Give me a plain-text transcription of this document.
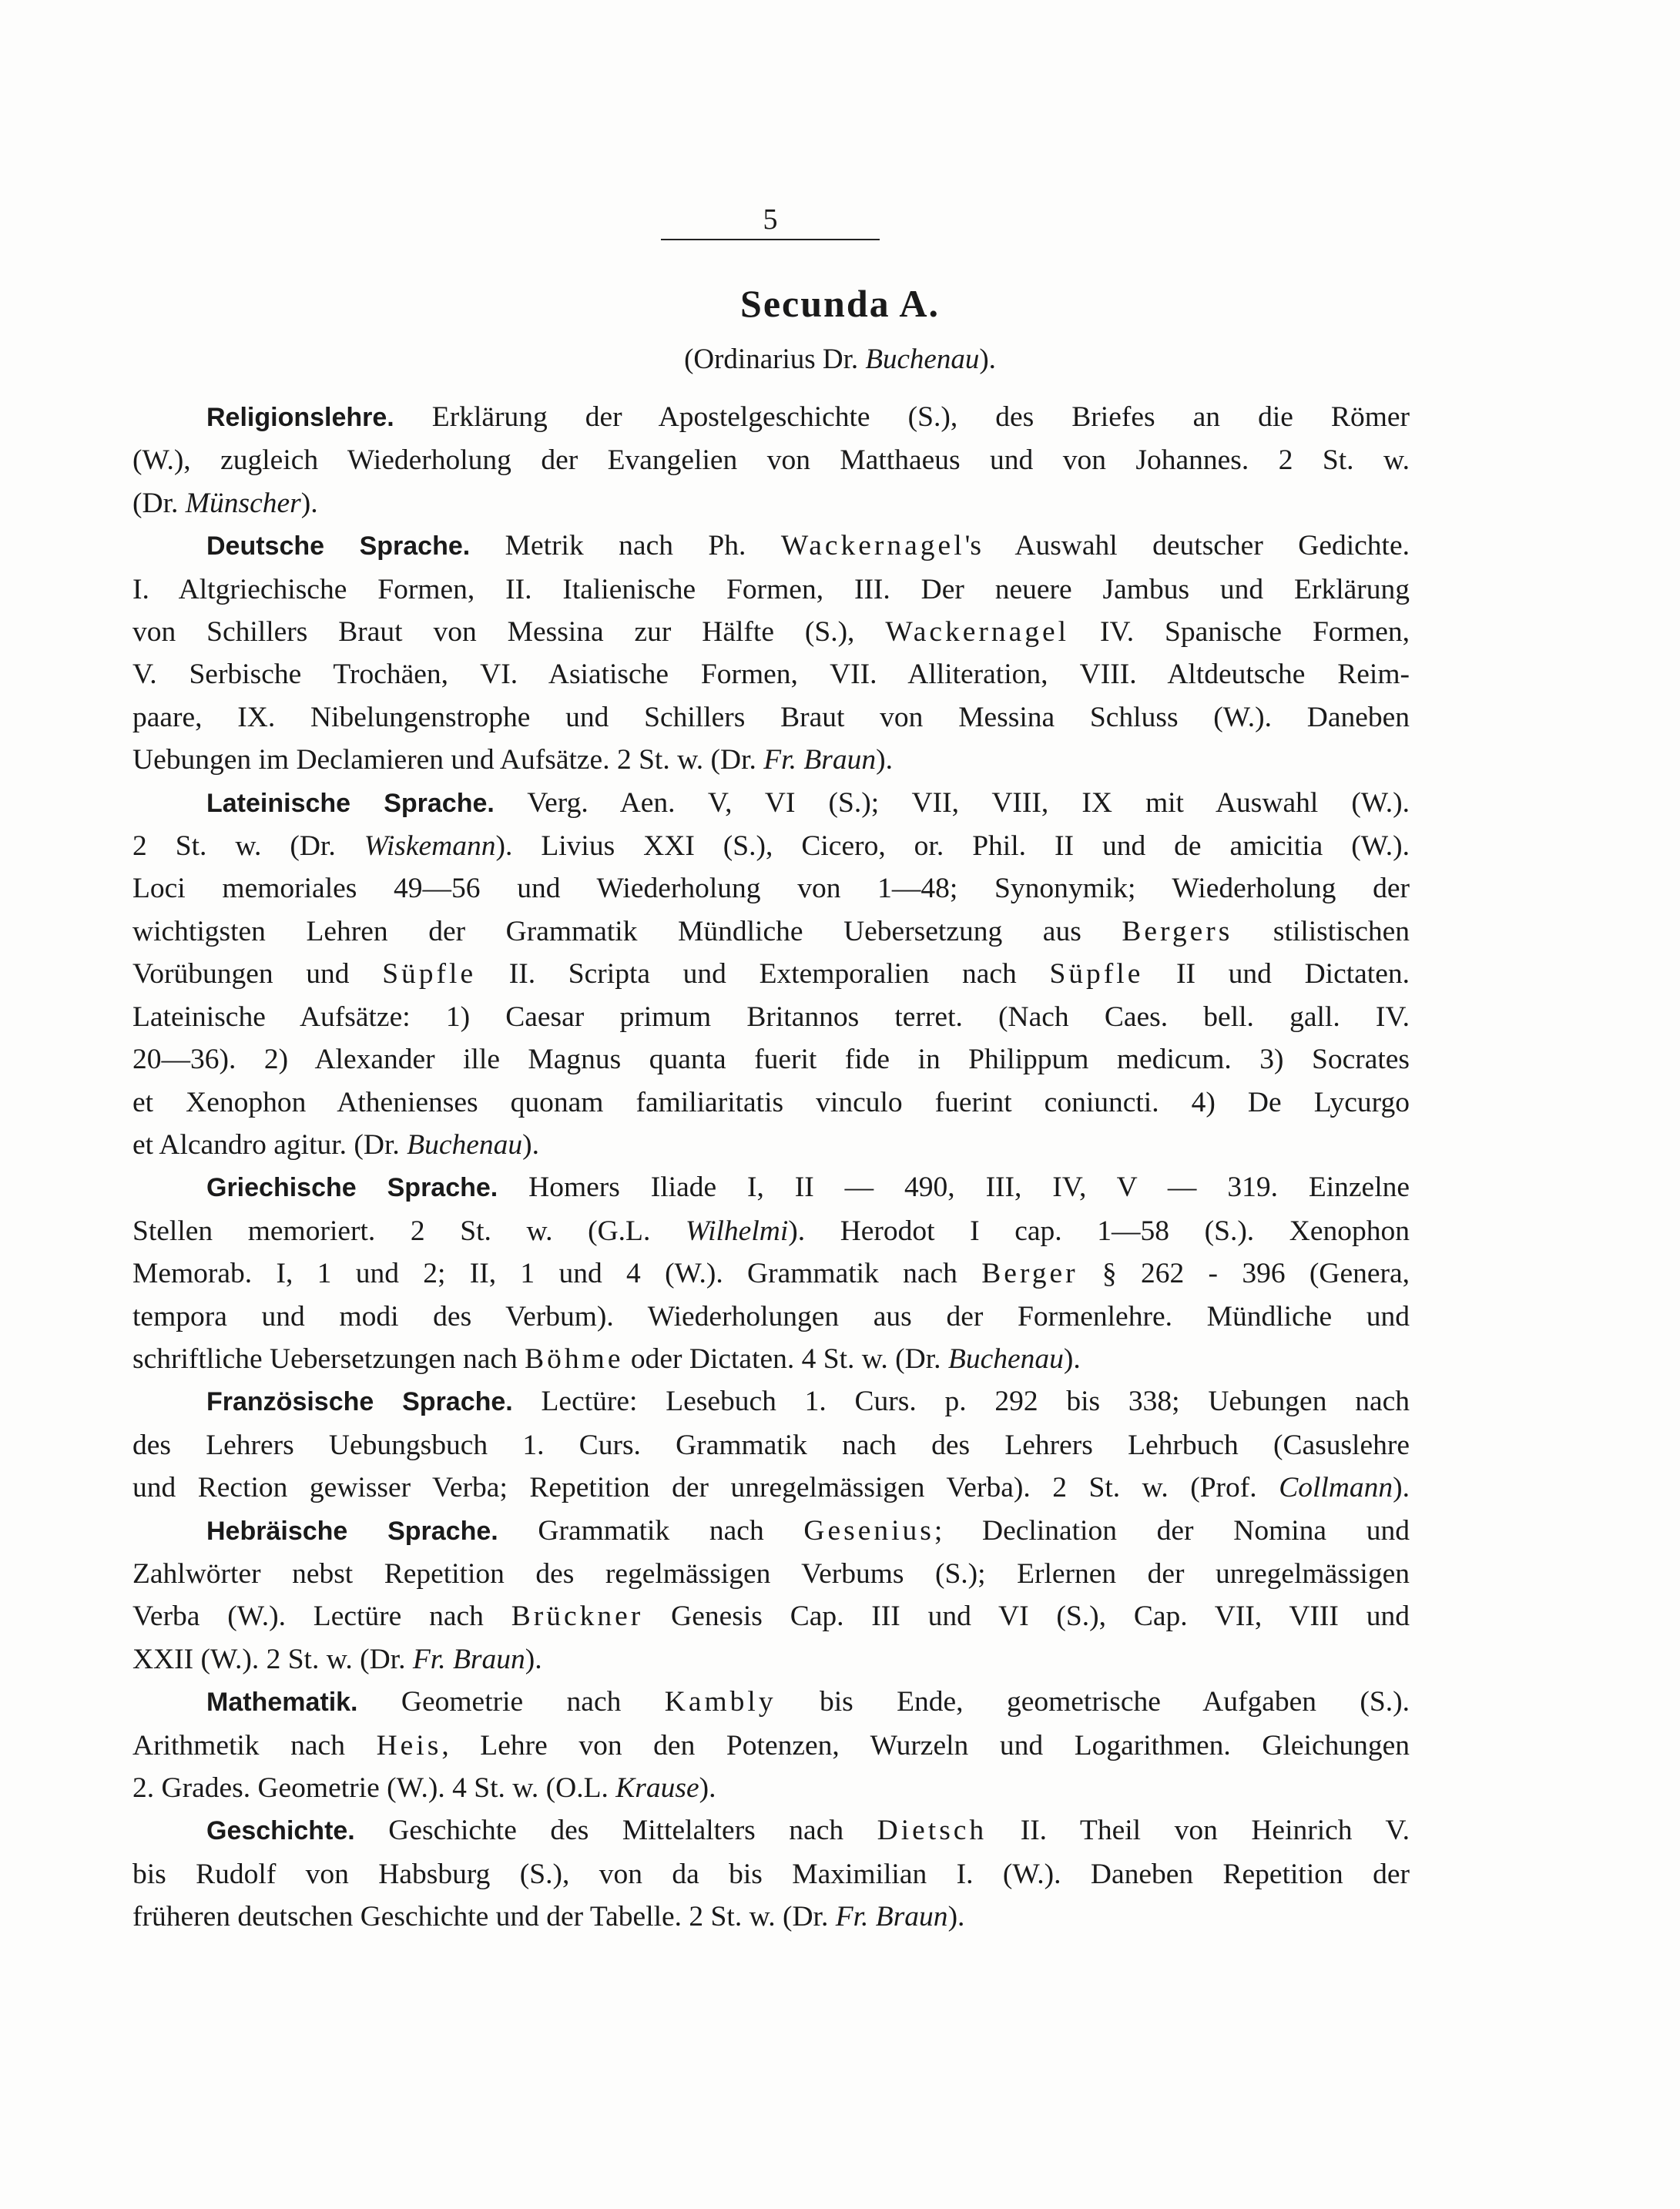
5
Secunda A.
(Ordinarius Dr. Buchenau).

Religionslehre. Erklärung der Apostelgeschichte (S.), des Briefes an die Römer
(W.), zugleich Wiederholung der Evangelien von Matthaeus und von Johannes. 2 St. w.
(Dr. Münscher).

Deutsche Sprache. Metrik nach Ph. Wackernagel's Auswahl deutscher Gedichte.
I. Altgriechische Formen, II. Italienische Formen, III. Der neuere Jambus und Erklärung
von Schillers Braut von Messina zur Hälfte (S.), Wackernagel IV. Spanische Formen,
V. Serbische Trochäen, VI. Asiatische Formen, VII. Alliteration, VIII. Altdeutsche Reim-
paare, IX. Nibelungenstrophe und Schillers Braut von Messina Schluss (W.). Daneben
Uebungen im Declamieren und Aufsätze. 2 St. w. (Dr. Fr. Braun).

Lateinische Sprache. Verg. Aen. V, VI (S.); VII, VIII, IX mit Auswahl (W.).
2 St. w. (Dr. Wiskemann). Livius XXI (S.), Cicero, or. Phil. II und de amicitia (W.).
Loci memoriales 49—56 und Wiederholung von 1—48; Synonymik; Wiederholung der
wichtigsten Lehren der Grammatik Mündliche Uebersetzung aus Bergers stilistischen
Vorübungen und Süpfle II. Scripta und Extemporalien nach Süpfle II und Dictaten.
Lateinische Aufsätze: 1) Caesar primum Britannos terret. (Nach Caes. bell. gall. IV.
20—36). 2) Alexander ille Magnus quanta fuerit fide in Philippum medicum. 3) Socrates
et Xenophon Athenienses quonam familiaritatis vinculo fuerint coniuncti. 4) De Lycurgo
et Alcandro agitur. (Dr. Buchenau).

Griechische Sprache. Homers Iliade I, II — 490, III, IV, V — 319. Einzelne
Stellen memoriert. 2 St. w. (G.L. Wilhelmi). Herodot I cap. 1—58 (S.). Xenophon
Memorab. I, 1 und 2; II, 1 und 4 (W.). Grammatik nach Berger § 262 - 396 (Genera,
tempora und modi des Verbum). Wiederholungen aus der Formenlehre. Mündliche und
schriftliche Uebersetzungen nach Böhme oder Dictaten. 4 St. w. (Dr. Buchenau).

Französische Sprache. Lectüre: Lesebuch 1. Curs. p. 292 bis 338; Uebungen nach
des Lehrers Uebungsbuch 1. Curs. Grammatik nach des Lehrers Lehrbuch (Casuslehre
und Rection gewisser Verba; Repetition der unregelmässigen Verba). 2 St. w. (Prof. Collmann).

Hebräische Sprache. Grammatik nach Gesenius; Declination der Nomina und
Zahlwörter nebst Repetition des regelmässigen Verbums (S.); Erlernen der unregelmässigen
Verba (W.). Lectüre nach Brückner Genesis Cap. III und VI (S.), Cap. VII, VIII und
XXII (W.). 2 St. w. (Dr. Fr. Braun).

Mathematik. Geometrie nach Kambly bis Ende, geometrische Aufgaben (S.).
Arithmetik nach Heis, Lehre von den Potenzen, Wurzeln und Logarithmen. Gleichungen
2. Grades. Geometrie (W.). 4 St. w. (O.L. Krause).

Geschichte. Geschichte des Mittelalters nach Dietsch II. Theil von Heinrich V.
bis Rudolf von Habsburg (S.), von da bis Maximilian I. (W.). Daneben Repetition der
früheren deutschen Geschichte und der Tabelle. 2 St. w. (Dr. Fr. Braun).
